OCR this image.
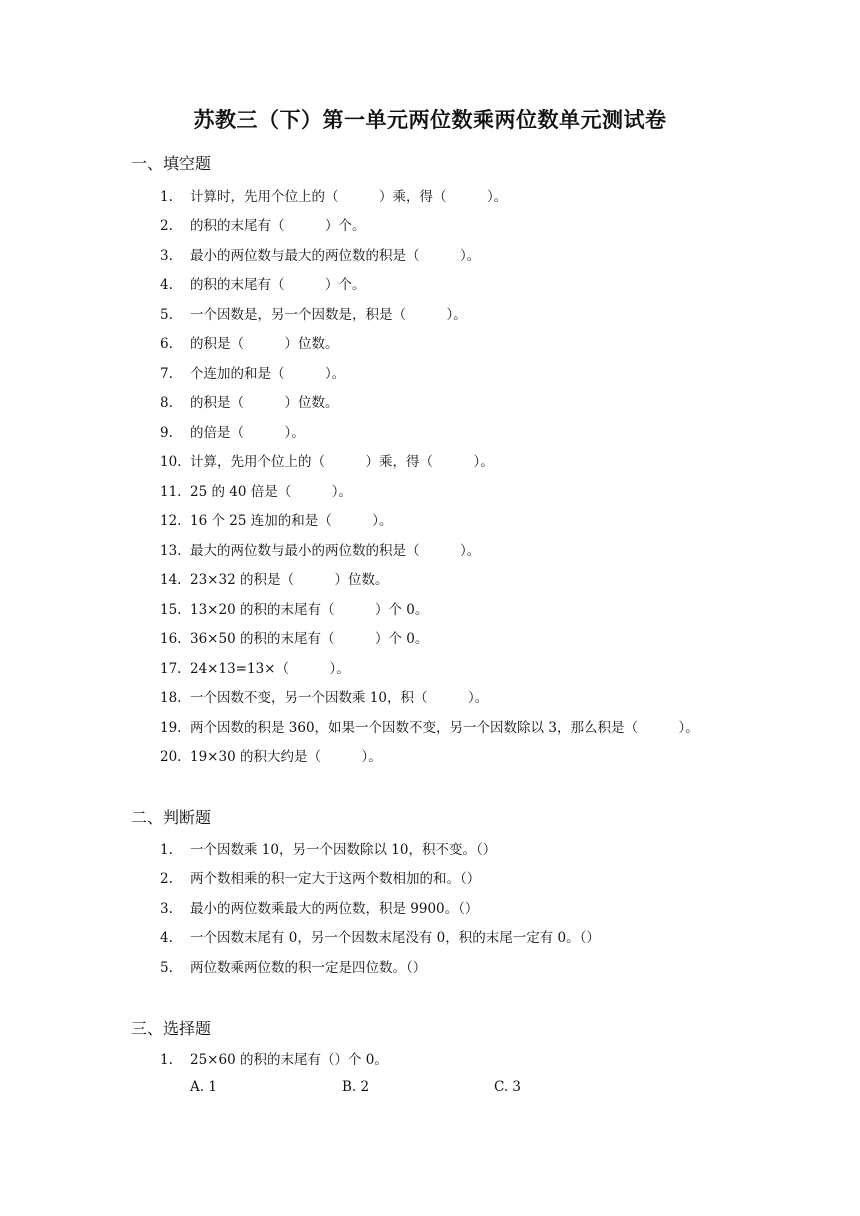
苏教三（下）第一单元两位数乘两位数单元测试卷
一、填空题
1. 计算时，先用个位上的（　　　）乘，得（　　　）。
2. 的积的末尾有（　　　）个。
3. 最小的两位数与最大的两位数的积是（　　　）。
4. 的积的末尾有（　　　）个。
5. 一个因数是，另一个因数是，积是（　　　）。
6. 的积是（　　　）位数。
7. 个连加的和是（　　　）。
8. 的积是（　　　）位数。
9. 的倍是（　　　）。
10. 计算，先用个位上的（　　　）乘，得（　　　）。
11. 25 的 40 倍是（　　　）。
12. 16 个 25 连加的和是（　　　）。
13. 最大的两位数与最小的两位数的积是（　　　）。
14. 23×32 的积是（　　　）位数。
15. 13×20 的积的末尾有（　　　）个 0。
16. 36×50 的积的末尾有（　　　）个 0。
17. 24×13=13×（　　　）。
18. 一个因数不变，另一个因数乘 10，积（　　　）。
19. 两个因数的积是 360，如果一个因数不变，另一个因数除以 3，那么积是（　　　）。
20. 19×30 的积大约是（　　　）。
二、判断题
1. 一个因数乘 10，另一个因数除以 10，积不变。（）
2. 两个数相乘的积一定大于这两个数相加的和。（）
3. 最小的两位数乘最大的两位数，积是 9900。（）
4. 一个因数末尾有 0，另一个因数末尾没有 0，积的末尾一定有 0。（）
5. 两位数乘两位数的积一定是四位数。（）
三、选择题
1. 25×60 的积的末尾有（）个 0。
A. 1	B. 2	C. 3
